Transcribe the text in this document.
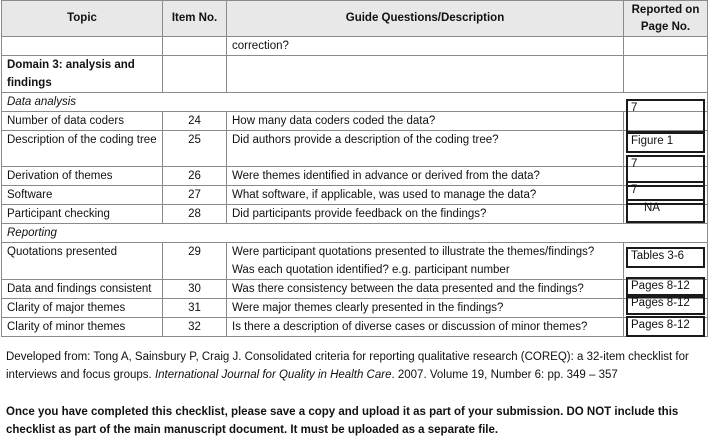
Topic	Item No.	Guide Questions/Description	Reported on Page No.
		correction?	
Domain 3: analysis and findings			
Data analysis			
Number of data coders	24	How many data coders coded the data?	7

Description of the coding tree	25	Did authors provide a description of the coding tree?	Figure 1

Derivation of themes	26	Were themes identified in advance or derived from the data?	7

Software	27	What software, if applicable, was used to manage the data?	7

Participant checking	28	Did participants provide feedback on the findings?	NA

Reporting			
Quotations presented	29	Were participant quotations presented to illustrate the themes/findings? Was each quotation identified? e.g. participant number	Tables 3-6

Data and findings consistent	30	Was there consistency between the data presented and the findings?	Pages 8-12

Clarity of major themes	31	Were major themes clearly presented in the findings?	Pages 8-12

Clarity of minor themes	32	Is there a description of diverse cases or discussion of minor themes?	Pages 8-12
Developed from: Tong A, Sainsbury P, Craig J. Consolidated criteria for reporting qualitative research (COREQ): a 32-item checklist for interviews and focus groups. International Journal for Quality in Health Care. 2007. Volume 19, Number 6: pp. 349 – 357
Once you have completed this checklist, please save a copy and upload it as part of your submission. DO NOT include this checklist as part of the main manuscript document. It must be uploaded as a separate file.
